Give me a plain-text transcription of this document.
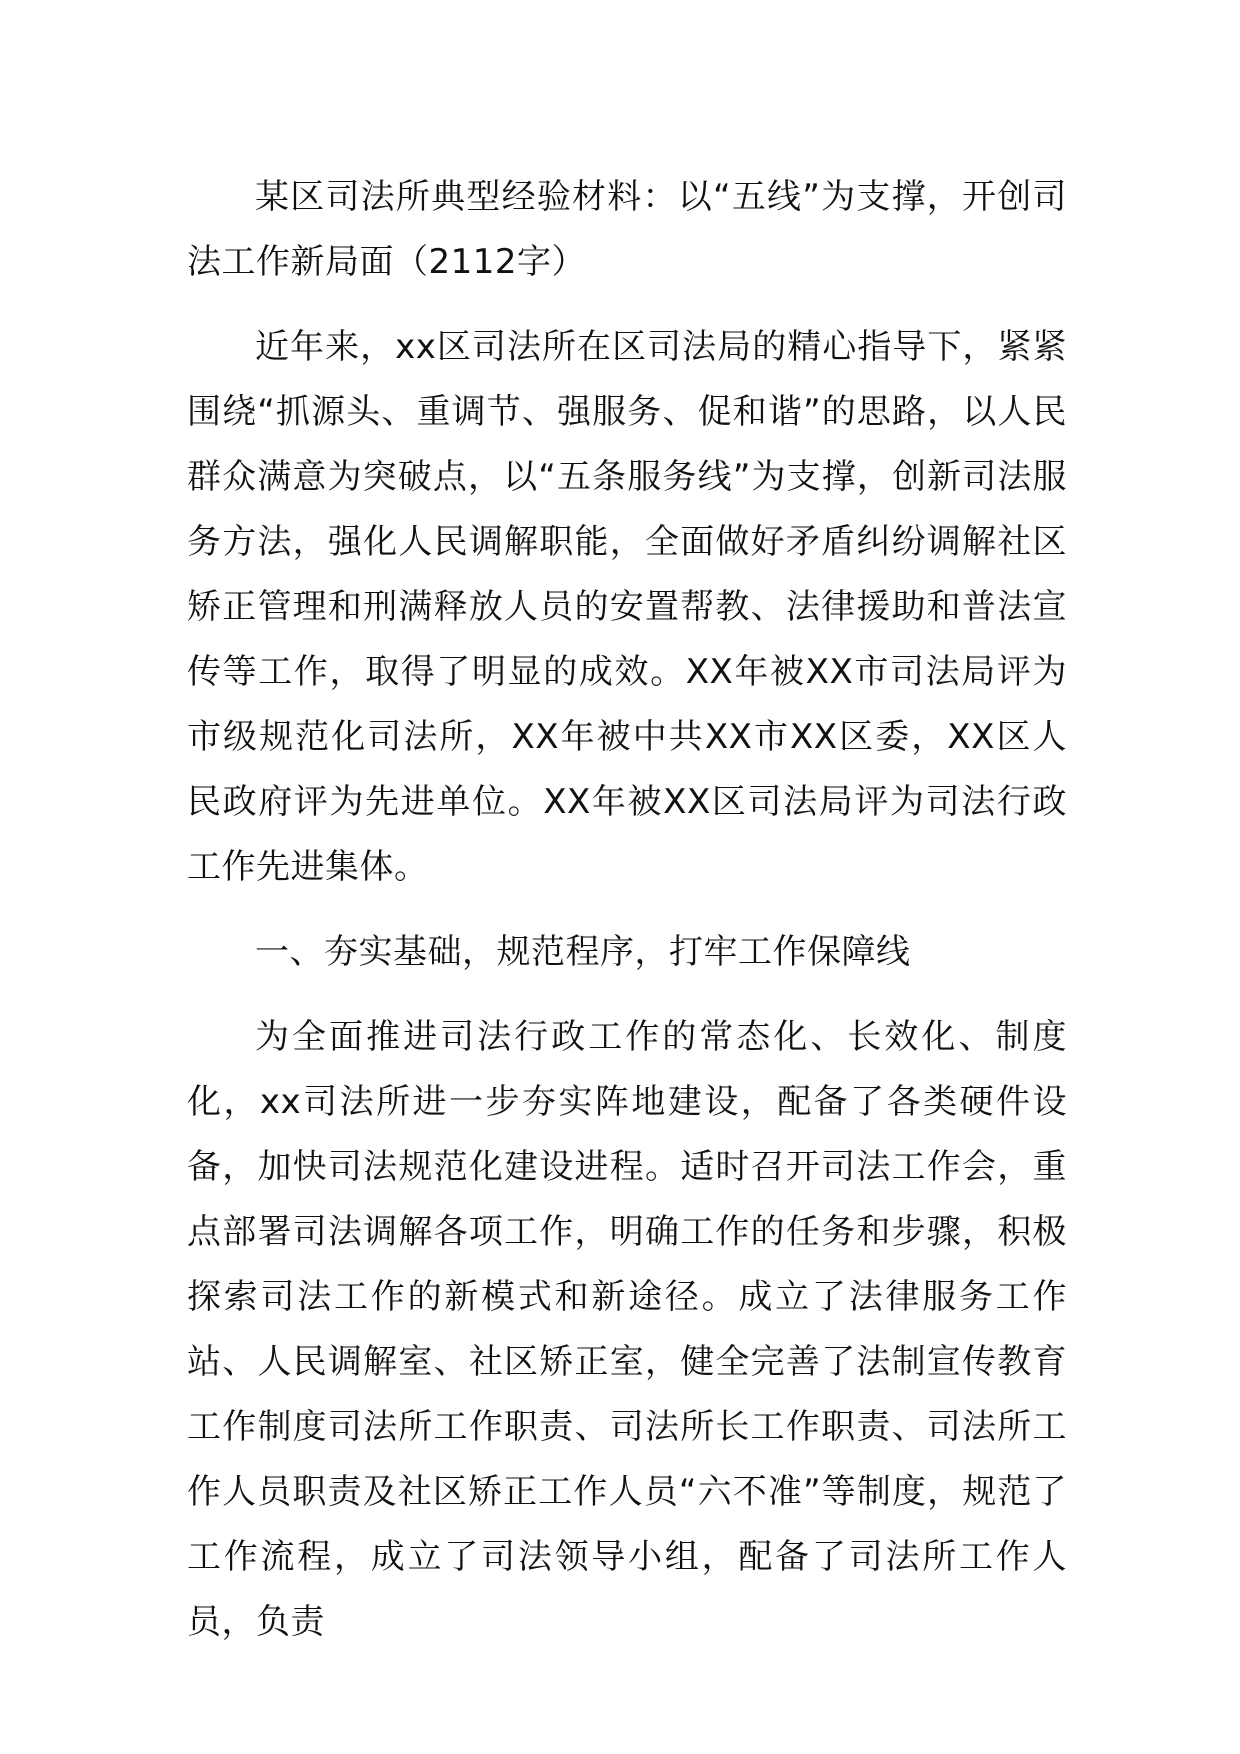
某区司法所典型经验材料：以“五线”为支撑，开创司法工作新局面（2112字）

近年来，xx区司法所在区司法局的精心指导下，紧紧围绕“抓源头、重调节、强服务、促和谐”的思路，以人民群众满意为突破点，以“五条服务线”为支撑，创新司法服务方法，强化人民调解职能，全面做好矛盾纠纷调解社区矫正管理和刑满释放人员的安置帮教、法律援助和普法宣传等工作，取得了明显的成效。XX年被XX市司法局评为市级规范化司法所，XX年被中共XX市XX区委，XX区人民政府评为先进单位。XX年被XX区司法局评为司法行政工作先进集体。

一、夯实基础，规范程序，打牢工作保障线

为全面推进司法行政工作的常态化、长效化、制度化，xx司法所进一步夯实阵地建设，配备了各类硬件设备，加快司法规范化建设进程。适时召开司法工作会，重点部署司法调解各项工作，明确工作的任务和步骤，积极探索司法工作的新模式和新途径。成立了法律服务工作站、人民调解室、社区矫正室，健全完善了法制宣传教育工作制度司法所工作职责、司法所长工作职责、司法所工作人员职责及社区矫正工作人员“六不准”等制度，规范了工作流程，成立了司法领导小组，配备了司法所工作人员，负责
